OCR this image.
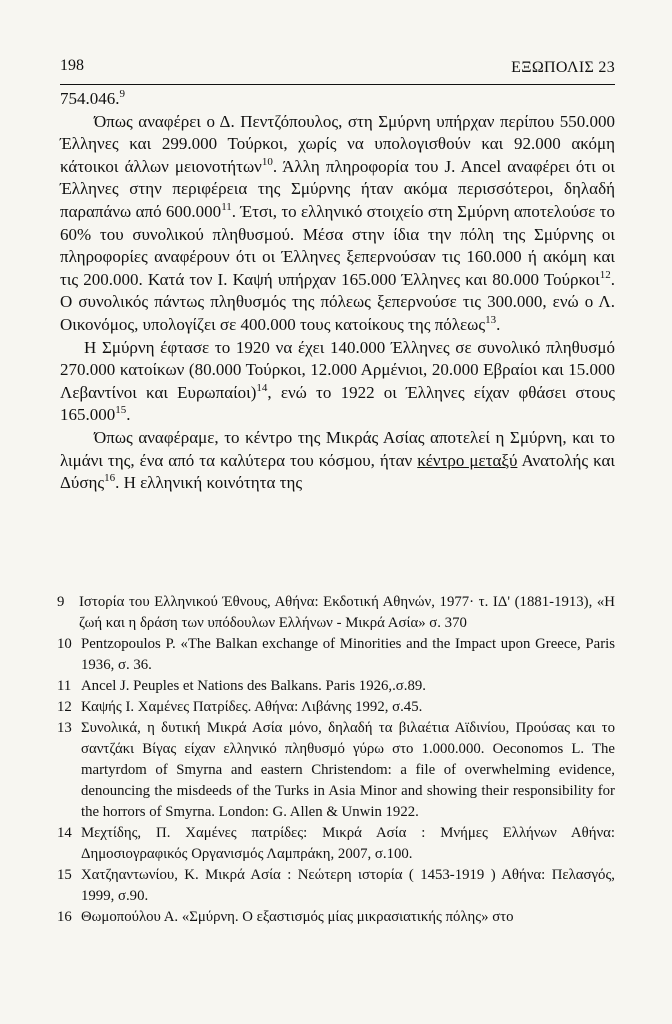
198	ΕΞΩΠΟΛΙΣ 23

754.046.$^9$

Όπως αναφέρει ο Δ. Πεντζόπουλος, στη Σμύρνη υπήρχαν περίπου 550.000 Έλληνες και 299.000 Τούρκοι, χωρίς να υπολογισθούν και 92.000 ακόμη κάτοικοι άλλων μειονοτήτων$^{10}$. Άλλη πληροφορία του J. Ancel αναφέρει ότι οι Έλληνες στην περιφέρεια της Σμύρνης ήταν ακόμα περισσότεροι, δηλαδή παραπάνω από 600.000$^{11}$. Έτσι, το ελληνικό στοιχείο στη Σμύρνη αποτελούσε το 60% του συνολικού πληθυσμού. Μέσα στην ίδια την πόλη της Σμύρνης οι πληροφορίες αναφέρουν ότι οι Έλληνες ξεπερνούσαν τις 160.000 ή ακόμη και τις 200.000. Κατά τον Ι. Καψή υπήρχαν 165.000 Έλληνες και 80.000 Τούρκοι$^{12}$. Ο συνολικός πάντως πληθυσμός της πόλεως ξεπερνούσε τις 300.000, ενώ ο Λ. Οικονόμος, υπολογίζει σε 400.000 τους κατοίκους της πόλεως$^{13}$.

Η Σμύρνη έφτασε το 1920 να έχει 140.000 Έλληνες σε συνολικό πληθυσμό 270.000 κατοίκων (80.000 Τούρκοι, 12.000 Αρμένιοι, 20.000 Εβραίοι και 15.000 Λεβαντίνοι και Ευρωπαίοι)$^{14}$, ενώ το 1922 οι Έλληνες είχαν φθάσει στους 165.000$^{15}$.

Όπως αναφέραμε, το κέντρο της Μικράς Ασίας αποτελεί η Σμύρνη, και το λιμάνι της, ένα από τα καλύτερα του κόσμου, ήταν κέντρο μεταξύ Ανατολής και Δύσης$^{16}$. Η ελληνική κοινότητα της

9 Ιστορία του Ελληνικού Έθνους, Αθήνα: Εκδοτική Αθηνών, 1977· τ. ΙΔ' (1881-1913), «Η ζωή και η δράση των υπόδουλων Ελλήνων - Μικρά Ασία» σ. 370

10 Pentzopoulos P. «The Balkan exchange of Minorities and the Impact upon Greece, Paris 1936, σ. 36.

11 Ancel J. Peuples et Nations des Balkans. Paris 1926,.σ.89.

12 Καψής Ι. Χαμένες Πατρίδες. Αθήνα: Λιβάνης 1992, σ.45.

13 Συνολικά, η δυτική Μικρά Ασία μόνο, δηλαδή τα βιλαέτια Αϊδινίου, Προύσας και το σαντζάκι Βίγας είχαν ελληνικό πληθυσμό γύρω στο 1.000.000. Oeconomos L. The martyrdom of Smyrna and eastern Christendom: a file of overwhelming evidence, denouncing the misdeeds of the Turks in Asia Minor and showing their responsibility for the horrors of Smyrna. London: G. Allen & Unwin 1922.

14 Μεχτίδης, Π. Χαμένες πατρίδες: Μικρά Ασία : Μνήμες Ελλήνων Αθήνα: Δημοσιογραφικός Οργανισμός Λαμπράκη, 2007, σ.100.

15 Χατζηαντωνίου, Κ. Μικρά Ασία : Νεώτερη ιστορία ( 1453-1919 ) Αθήνα: Πελασγός, 1999, σ.90.

16 Θωμοπούλου Α. «Σμύρνη. Ο εξαστισμός μίας μικρασιατικής πόλης» στο
